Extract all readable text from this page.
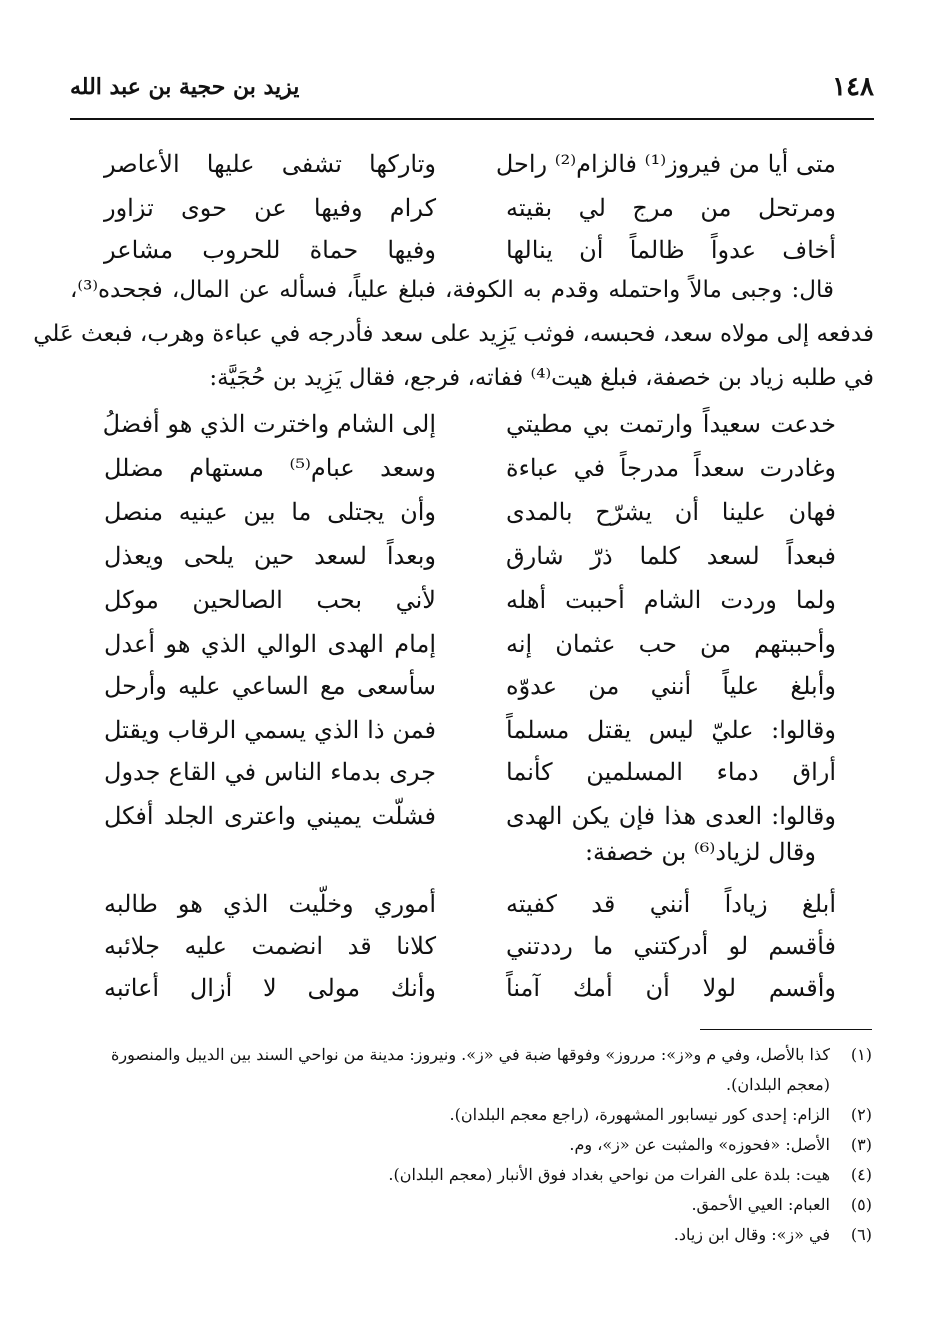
١٤٨
يزيد بن حجية بن عبد الله
متى أيا من فيروز⁽¹⁾ فالزام⁽²⁾ راحل
وتاركها تشفى عليها الأعاصر
ومرتحل من مرج لي بقيته
كرام وفيها عن حوى تزاور
أخاف عدواً ظالماً أن ينالها
وفيها حماة للحروب مشاعر
قال: وجبى مالاً واحتمله وقدم به الكوفة، فبلغ علياً، فسأله عن المال، فجحده⁽³⁾،
فدفعه إلى مولاه سعد، فحبسه، فوثب يَزِيد على سعد فأدرجه في عباءة وهرب، فبعث عَلي
في طلبه زياد بن خصفة، فبلغ هيت⁽⁴⁾ ففاته، فرجع، فقال يَزِيد بن حُجَيَّة:
خدعت سعيداً وارتمت بي مطيتي
إلى الشام واخترت الذي هو أفضلُ
وغادرت سعداً مدرجاً في عباءة
وسعد عبام⁽⁵⁾ مستهام مضلل
فهان علينا أن يشرّح بالمدى
وأن يجتلى ما بين عينيه منصل
فبعداً لسعد كلما ذرّ شارق
وبعداً لسعد حين يلحى ويعذل
ولما وردت الشام أحببت أهله
لأني بحب الصالحين موكل
وأحببتهم من حب عثمان إنه
إمام الهدى الوالي الذي هو أعدل
وأبلغ علياً أنني من عدوّه
سأسعى مع الساعي عليه وأرحل
وقالوا: عليّ ليس يقتل مسلماً
فمن ذا الذي يسمي الرقاب ويقتل
أراق دماء المسلمين كأنما
جرى بدماء الناس في القاع جدول
وقالوا: العدى هذا فإن يكن الهدى
فشلّت يميني واعترى الجلد أفكل
وقال لزياد⁽⁶⁾ بن خصفة:
أبلغ زياداً أنني قد كفيته
أموري وخلّيت الذي هو طالبه
فأقسم لو أدركتني ما رددتني
كلانا قد انضمت عليه جلائبه
وأقسم لولا أن أمك آمناً
وأنك مولى لا أزال أعاتبه
(١)
كذا بالأصل، وفي م و«ز»: مرروز» وفوقها ضبة في «ز». ونيروز: مدينة من نواحي السند بين الديبل والمنصورة (معجم البلدان).
(٢)
الزام: إحدى كور نيسابور المشهورة، (راجع معجم البلدان).
(٣)
الأصل: «فحوزه» والمثبت عن «ز»، وم.
(٤)
هيت: بلدة على الفرات من نواحي بغداد فوق الأنبار (معجم البلدان).
(٥)
العبام: العيي الأحمق.
(٦)
في «ز»: وقال ابن زياد.
